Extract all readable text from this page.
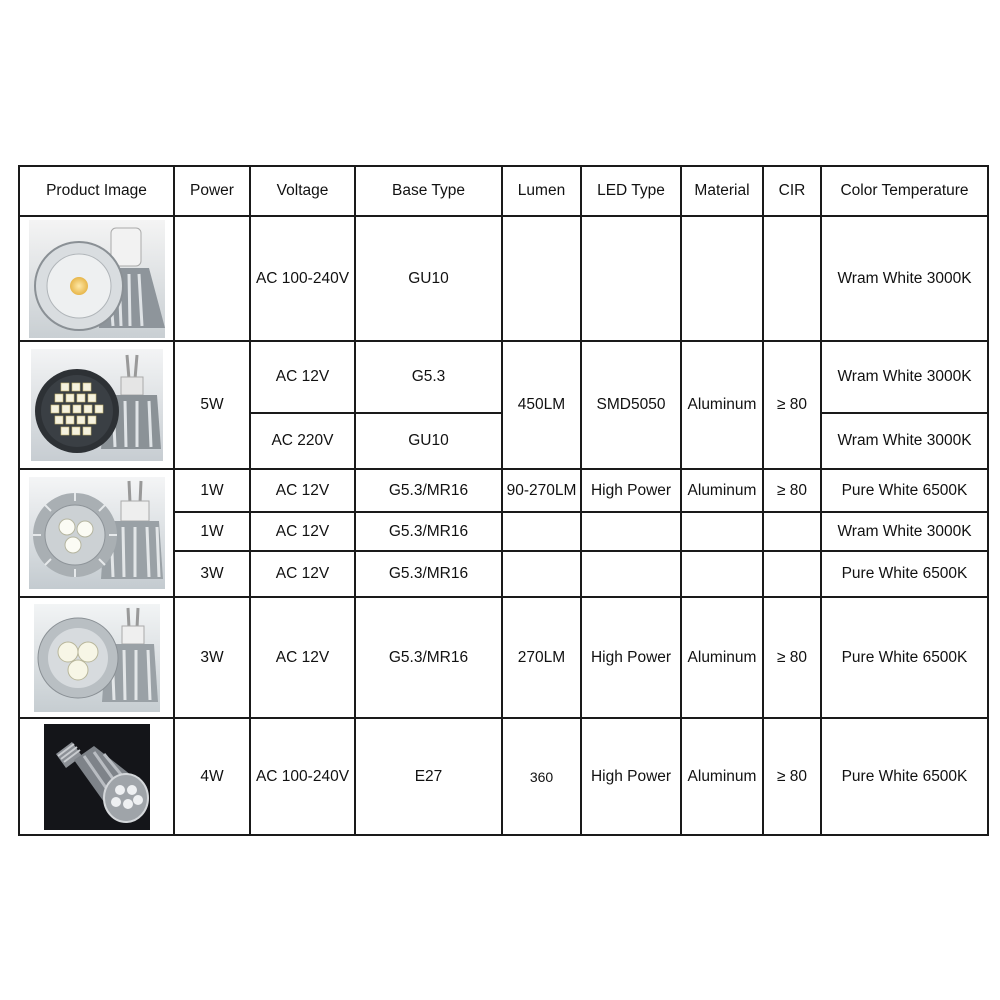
Product Image	Power	Voltage	Base Type	Lumen	LED Type	Material	CIR	Color Temperature

		AC 100-240V	GU10					Wram White 3000K

	5W	AC 12V	G5.3	450LM	SMD5050	Aluminum	≥ 80	Wram White 3000K
		AC 220V	GU10					Wram White 3000K

	1W	AC 12V	G5.3/MR16	90-270LM	High Power	Aluminum	≥ 80	Pure White 6500K
	1W	AC 12V	G5.3/MR16					Wram White 3000K
	3W	AC 12V	G5.3/MR16					Pure White 6500K

	3W	AC 12V	G5.3/MR16	270LM	High Power	Aluminum	≥ 80	Pure White 6500K

	4W	AC 100-240V	E27	360	High Power	Aluminum	≥ 80	Pure White 6500K
